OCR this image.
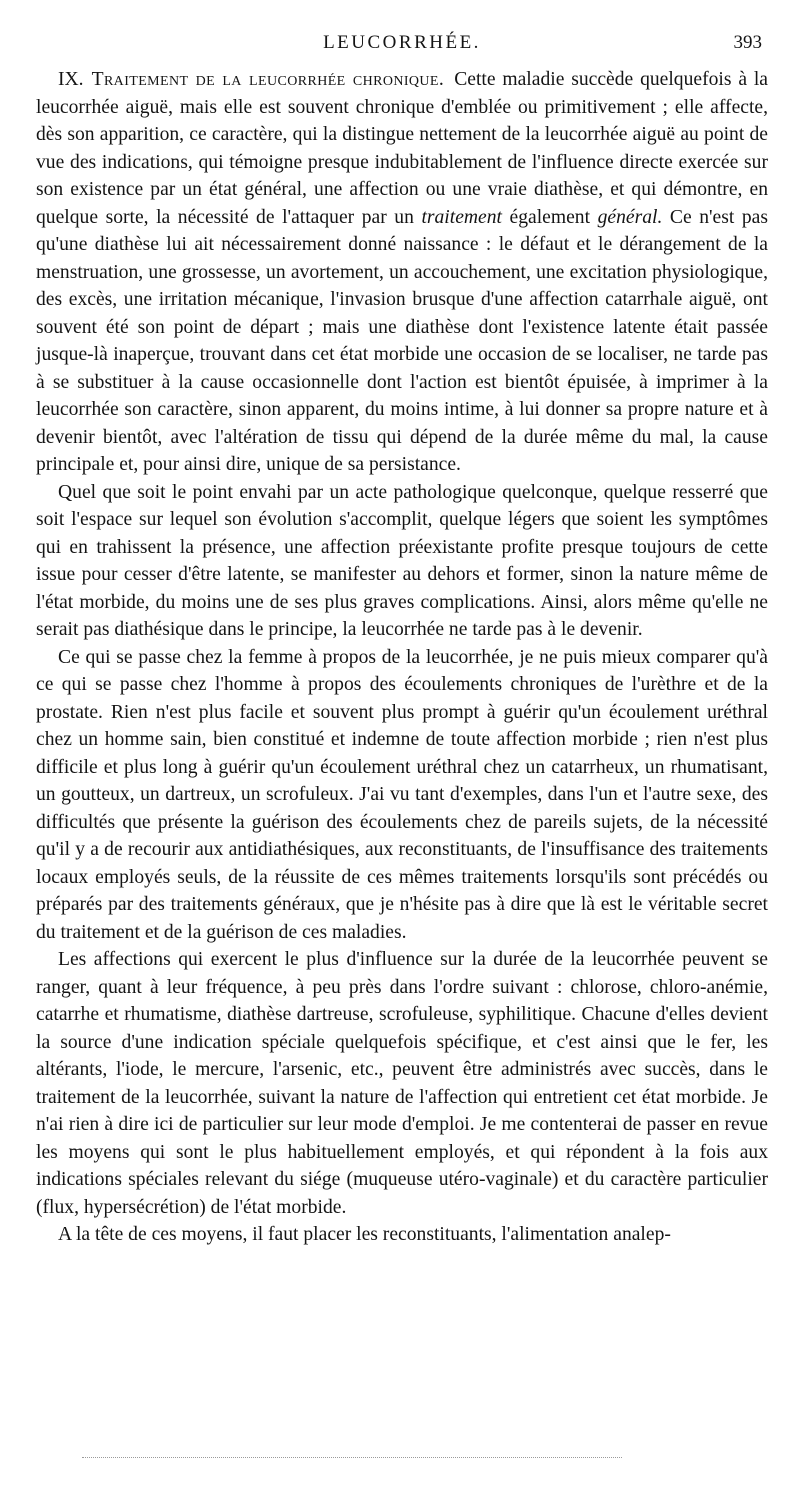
LEUCORRHÉE.	393

IX. Traitement de la leucorrhée chronique. Cette maladie succède quelquefois à la leucorrhée aiguë, mais elle est souvent chronique d'emblée ou primitivement ; elle affecte, dès son apparition, ce caractère, qui la distingue nettement de la leucorrhée aiguë au point de vue des indications, qui témoigne presque indubitablement de l'influence directe exercée sur son existence par un état général, une affection ou une vraie diathèse, et qui démontre, en quelque sorte, la nécessité de l'attaquer par un traitement également général. Ce n'est pas qu'une diathèse lui ait nécessairement donné naissance : le défaut et le dérangement de la menstruation, une grossesse, un avortement, un accouchement, une excitation physiologique, des excès, une irritation mécanique, l'invasion brusque d'une affection catarrhale aiguë, ont souvent été son point de départ ; mais une diathèse dont l'existence latente était passée jusque-là inaperçue, trouvant dans cet état morbide une occasion de se localiser, ne tarde pas à se substituer à la cause occasionnelle dont l'action est bientôt épuisée, à imprimer à la leucorrhée son caractère, sinon apparent, du moins intime, à lui donner sa propre nature et à devenir bientôt, avec l'altération de tissu qui dépend de la durée même du mal, la cause principale et, pour ainsi dire, unique de sa persistance.

Quel que soit le point envahi par un acte pathologique quelconque, quelque resserré que soit l'espace sur lequel son évolution s'accomplit, quelque légers que soient les symptômes qui en trahissent la présence, une affection préexistante profite presque toujours de cette issue pour cesser d'être latente, se manifester au dehors et former, sinon la nature même de l'état morbide, du moins une de ses plus graves complications. Ainsi, alors même qu'elle ne serait pas diathésique dans le principe, la leucorrhée ne tarde pas à le devenir.

Ce qui se passe chez la femme à propos de la leucorrhée, je ne puis mieux comparer qu'à ce qui se passe chez l'homme à propos des écoulements chroniques de l'urèthre et de la prostate. Rien n'est plus facile et souvent plus prompt à guérir qu'un écoulement uréthral chez un homme sain, bien constitué et indemne de toute affection morbide ; rien n'est plus difficile et plus long à guérir qu'un écoulement uréthral chez un catarrheux, un rhumatisant, un goutteux, un dartreux, un scrofuleux. J'ai vu tant d'exemples, dans l'un et l'autre sexe, des difficultés que présente la guérison des écoulements chez de pareils sujets, de la nécessité qu'il y a de recourir aux antidiathésiques, aux reconstituants, de l'insuffisance des traitements locaux employés seuls, de la réussite de ces mêmes traitements lorsqu'ils sont précédés ou préparés par des traitements généraux, que je n'hésite pas à dire que là est le véritable secret du traitement et de la guérison de ces maladies.

Les affections qui exercent le plus d'influence sur la durée de la leucorrhée peuvent se ranger, quant à leur fréquence, à peu près dans l'ordre suivant : chlorose, chloro-anémie, catarrhe et rhumatisme, diathèse dartreuse, scrofuleuse, syphilitique. Chacune d'elles devient la source d'une indication spéciale quelquefois spécifique, et c'est ainsi que le fer, les altérants, l'iode, le mercure, l'arsenic, etc., peuvent être administrés avec succès, dans le traitement de la leucorrhée, suivant la nature de l'affection qui entretient cet état morbide. Je n'ai rien à dire ici de particulier sur leur mode d'emploi. Je me contenterai de passer en revue les moyens qui sont le plus habituellement employés, et qui répondent à la fois aux indications spéciales relevant du siége (muqueuse utéro-vaginale) et du caractère particulier (flux, hypersécrétion) de l'état morbide.

A la tête de ces moyens, il faut placer les reconstituants, l'alimentation analep-
